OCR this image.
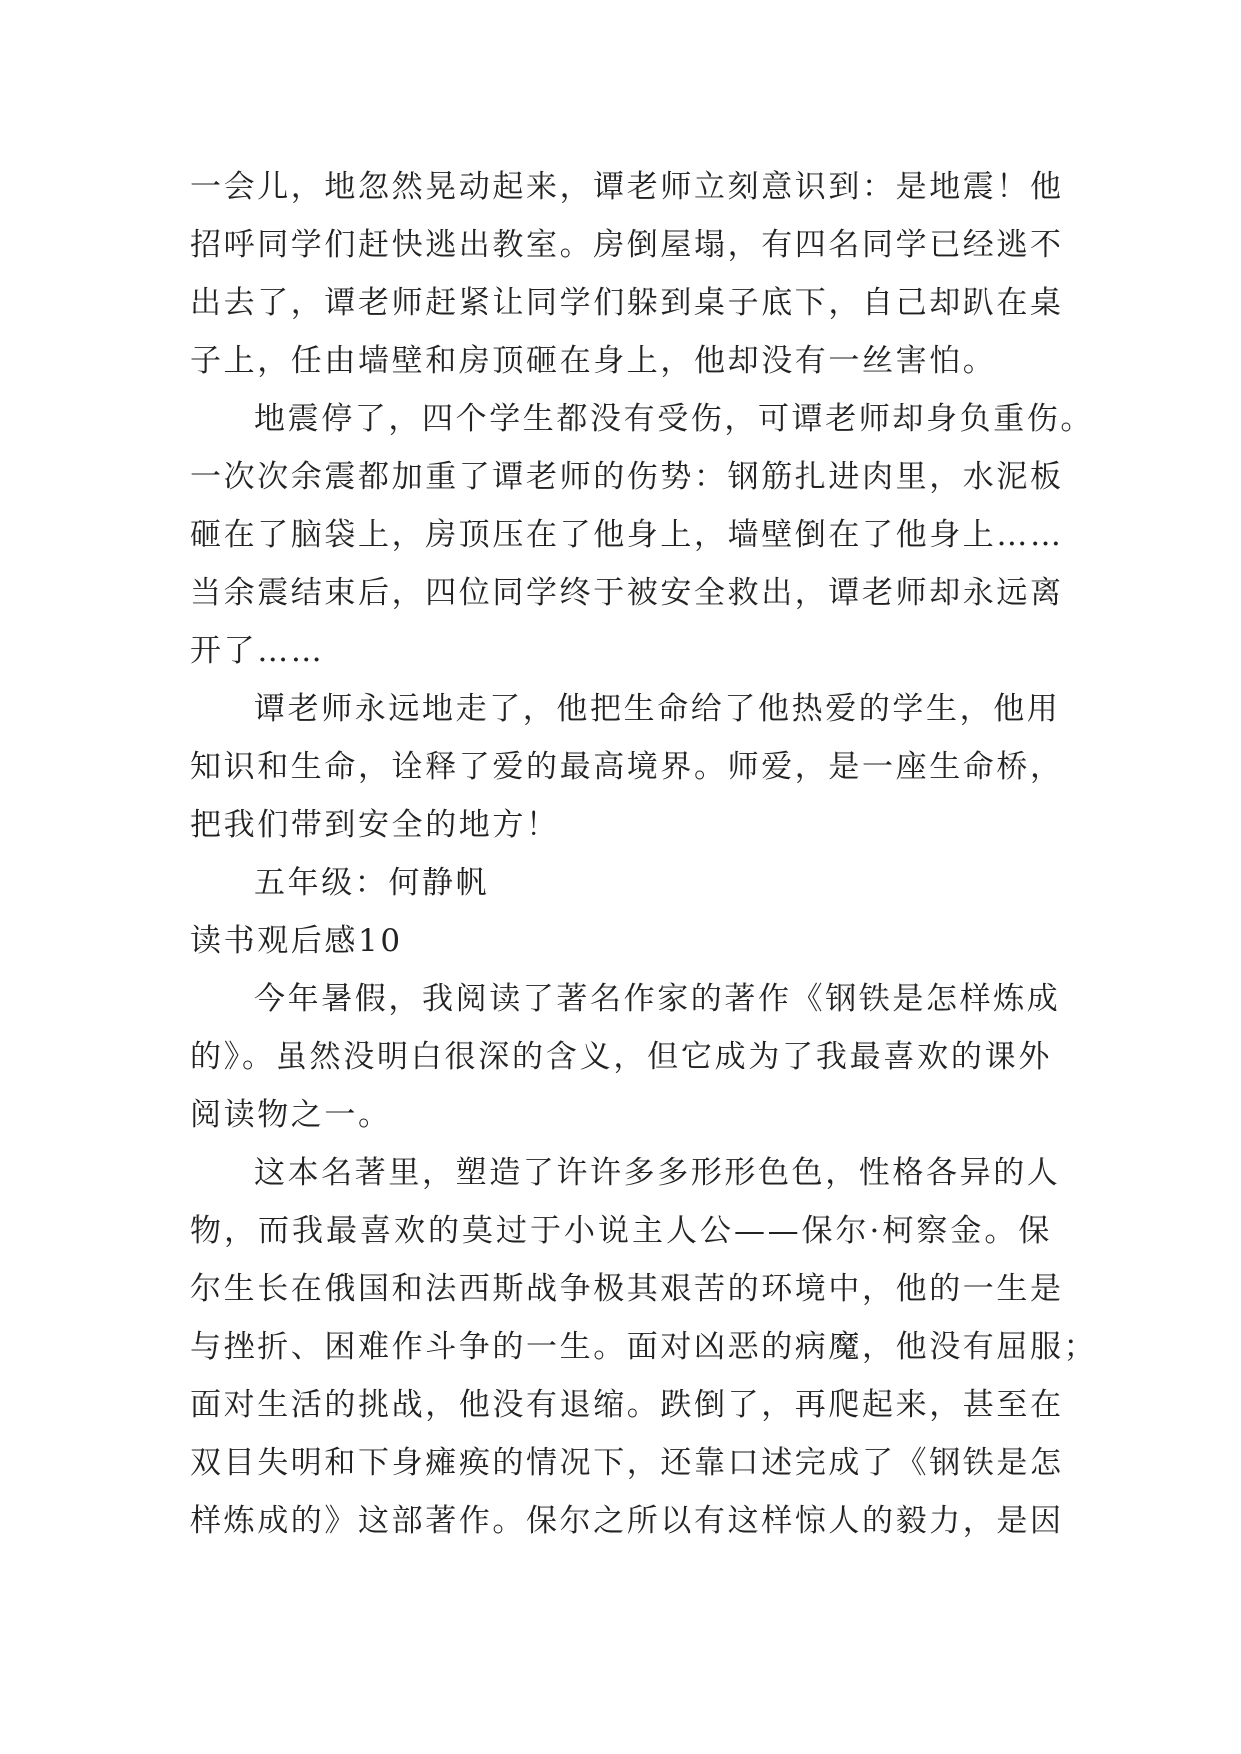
一会儿，地忽然晃动起来，谭老师立刻意识到：是地震！他
招呼同学们赶快逃出教室。房倒屋塌，有四名同学已经逃不
出去了，谭老师赶紧让同学们躲到桌子底下，自己却趴在桌
子上，任由墙壁和房顶砸在身上，他却没有一丝害怕。
地震停了，四个学生都没有受伤，可谭老师却身负重伤。
一次次余震都加重了谭老师的伤势：钢筋扎进肉里，水泥板
砸在了脑袋上，房顶压在了他身上，墙壁倒在了他身上……
当余震结束后，四位同学终于被安全救出，谭老师却永远离
开了……
谭老师永远地走了，他把生命给了他热爱的学生，他用
知识和生命，诠释了爱的最高境界。师爱，是一座生命桥，
把我们带到安全的地方！
五年级：何静帆
读书观后感10
今年暑假，我阅读了著名作家的著作《钢铁是怎样炼成
的》。虽然没明白很深的含义，但它成为了我最喜欢的课外
阅读物之一。
这本名著里，塑造了许许多多形形色色，性格各异的人
物，而我最喜欢的莫过于小说主人公——保尔·柯察金。保
尔生长在俄国和法西斯战争极其艰苦的环境中，他的一生是
与挫折、困难作斗争的一生。面对凶恶的病魔，他没有屈服；
面对生活的挑战，他没有退缩。跌倒了，再爬起来，甚至在
双目失明和下身瘫痪的情况下，还靠口述完成了《钢铁是怎
样炼成的》这部著作。保尔之所以有这样惊人的毅力，是因
